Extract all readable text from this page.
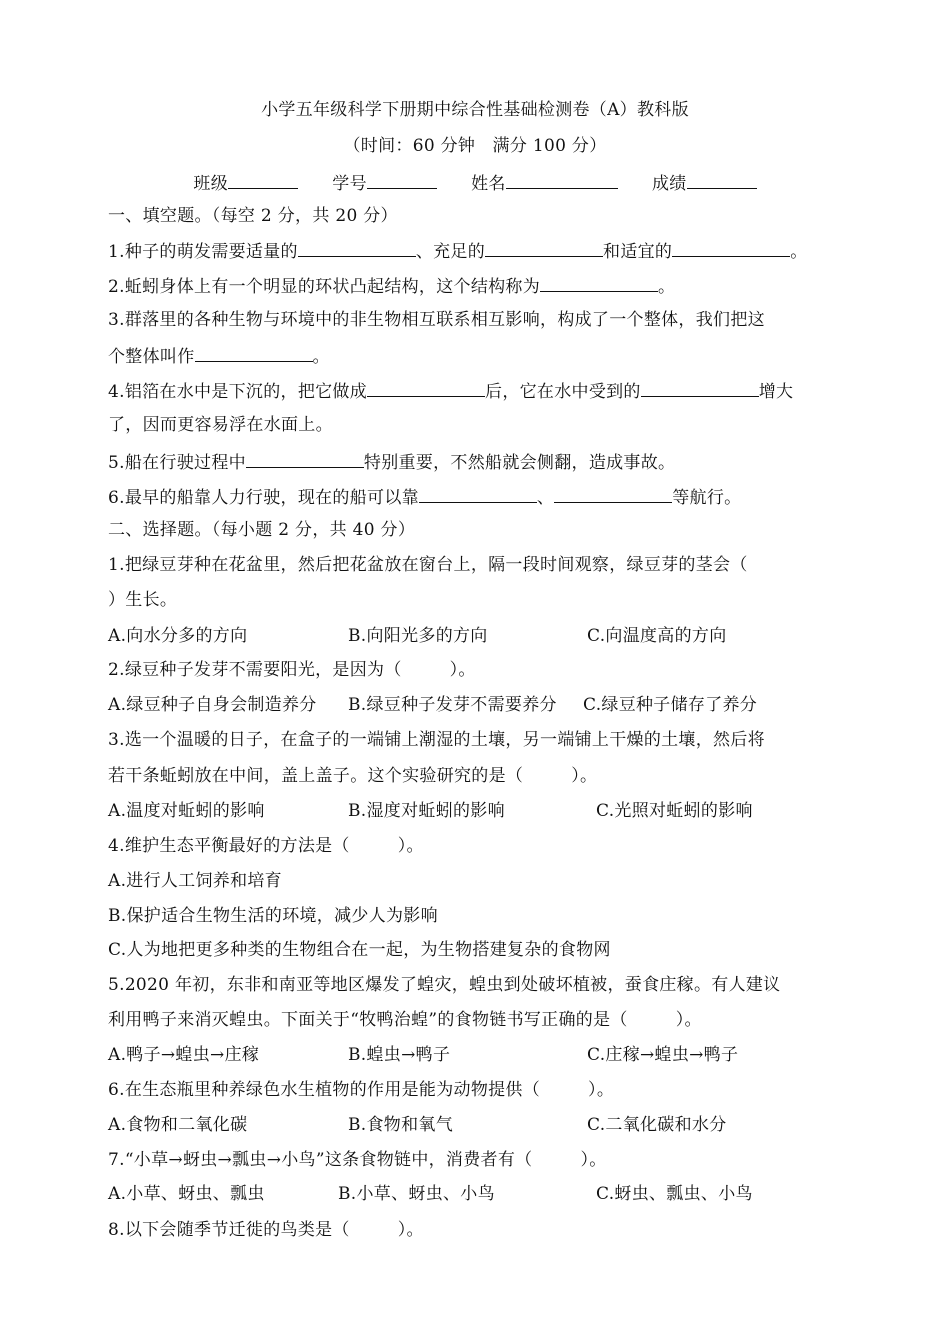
小学五年级科学下册期中综合性基础检测卷（A）教科版
（时间：60 分钟　满分 100 分）
班级	学号	姓名	成绩
一、填空题。（每空 2 分，共 20 分）
1.种子的萌发需要适量的	、充足的	和适宜的	。
2.蚯蚓身体上有一个明显的环状凸起结构，这个结构称为	。
3.群落里的各种生物与环境中的非生物相互联系相互影响，构成了一个整体，我们把这
个整体叫作	。
4.铝箔在水中是下沉的，把它做成	后，它在水中受到的	增大
了，因而更容易浮在水面上。
5.船在行驶过程中	特别重要，不然船就会侧翻，造成事故。
6.最早的船靠人力行驶，现在的船可以靠	、	等航行。
二、选择题。（每小题 2 分，共 40 分）
1.把绿豆芽种在花盆里，然后把花盆放在窗台上，隔一段时间观察，绿豆芽的茎会（
）生长。
A.向水分多的方向	B.向阳光多的方向	C.向温度高的方向
2.绿豆种子发芽不需要阳光，是因为（	）。
A.绿豆种子自身会制造养分 B.绿豆种子发芽不需要养分 C.绿豆种子储存了养分
3.选一个温暖的日子，在盒子的一端铺上潮湿的土壤，另一端铺上干燥的土壤，然后将
若干条蚯蚓放在中间，盖上盖子。这个实验研究的是（	）。
A.温度对蚯蚓的影响	B.湿度对蚯蚓的影响	C.光照对蚯蚓的影响
4.维护生态平衡最好的方法是（	）。
A.进行人工饲养和培育
B.保护适合生物生活的环境，减少人为影响
C.人为地把更多种类的生物组合在一起，为生物搭建复杂的食物网
5.2020 年初，东非和南亚等地区爆发了蝗灾，蝗虫到处破坏植被，蚕食庄稼。有人建议
利用鸭子来消灭蝗虫。下面关于“牧鸭治蝗”的食物链书写正确的是（	）。
A.鸭子→蝗虫→庄稼	B.蝗虫→鸭子	C.庄稼→蝗虫→鸭子
6.在生态瓶里种养绿色水生植物的作用是能为动物提供（	）。
A.食物和二氧化碳	B.食物和氧气	C.二氧化碳和水分
7.“小草→蚜虫→瓢虫→小鸟”这条食物链中，消费者有（	）。
A.小草、蚜虫、瓢虫	B.小草、蚜虫、小鸟	C.蚜虫、瓢虫、小鸟
8.以下会随季节迁徙的鸟类是（	）。
